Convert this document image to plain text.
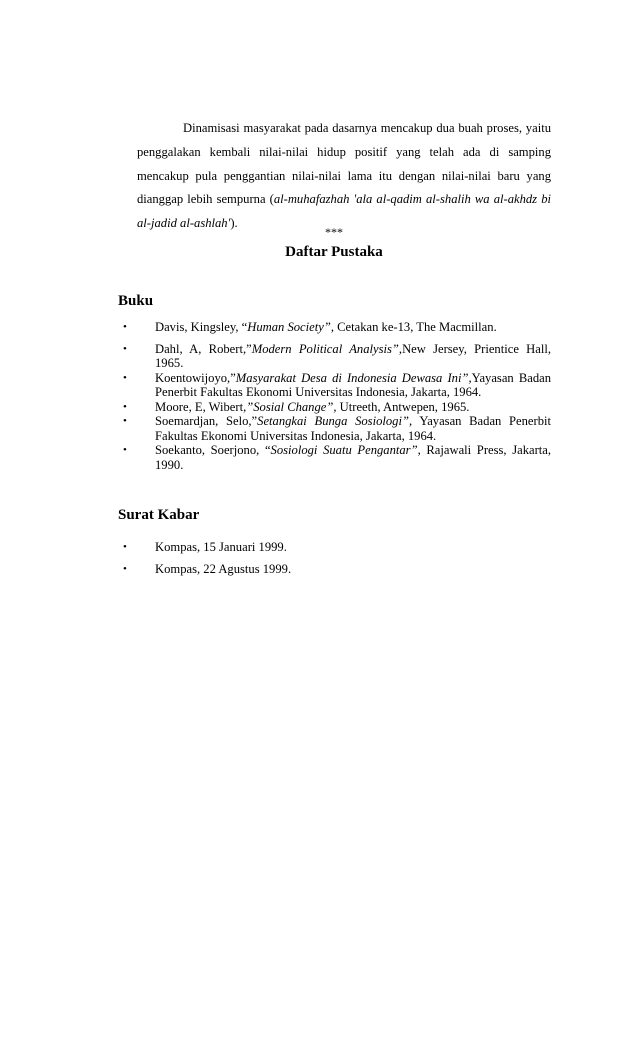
Dinamisasi masyarakat pada dasarnya mencakup dua buah proses, yaitu penggalakan kembali nilai-nilai hidup positif yang telah ada di samping mencakup pula penggantian nilai-nilai lama itu dengan nilai-nilai baru yang dianggap lebih sempurna (al-muhafazhah 'ala al-qadim al-shalih wa al-akhdz bi al-jadid al-ashlah').

***

Daftar Pustaka
Buku
• Davis, Kingsley, “Human Society”, Cetakan ke-13, The Macmillan.
• Dahl, A, Robert,”Modern Political Analysis”,New Jersey, Prientice Hall, 1965.
• Koentowijoyo,”Masyarakat Desa di Indonesia Dewasa Ini”,Yayasan Badan Penerbit Fakultas Ekonomi Universitas Indonesia, Jakarta, 1964.
• Moore, E, Wibert,”Sosial Change”, Utreeth, Antwepen, 1965.
• Soemardjan, Selo,”Setangkai Bunga Sosiologi”, Yayasan Badan Penerbit Fakultas Ekonomi Universitas Indonesia, Jakarta, 1964.
• Soekanto, Soerjono, “Sosiologi Suatu Pengantar”, Rajawali Press, Jakarta, 1990.
Surat Kabar
• Kompas, 15 Januari 1999.
• Kompas, 22 Agustus 1999.
